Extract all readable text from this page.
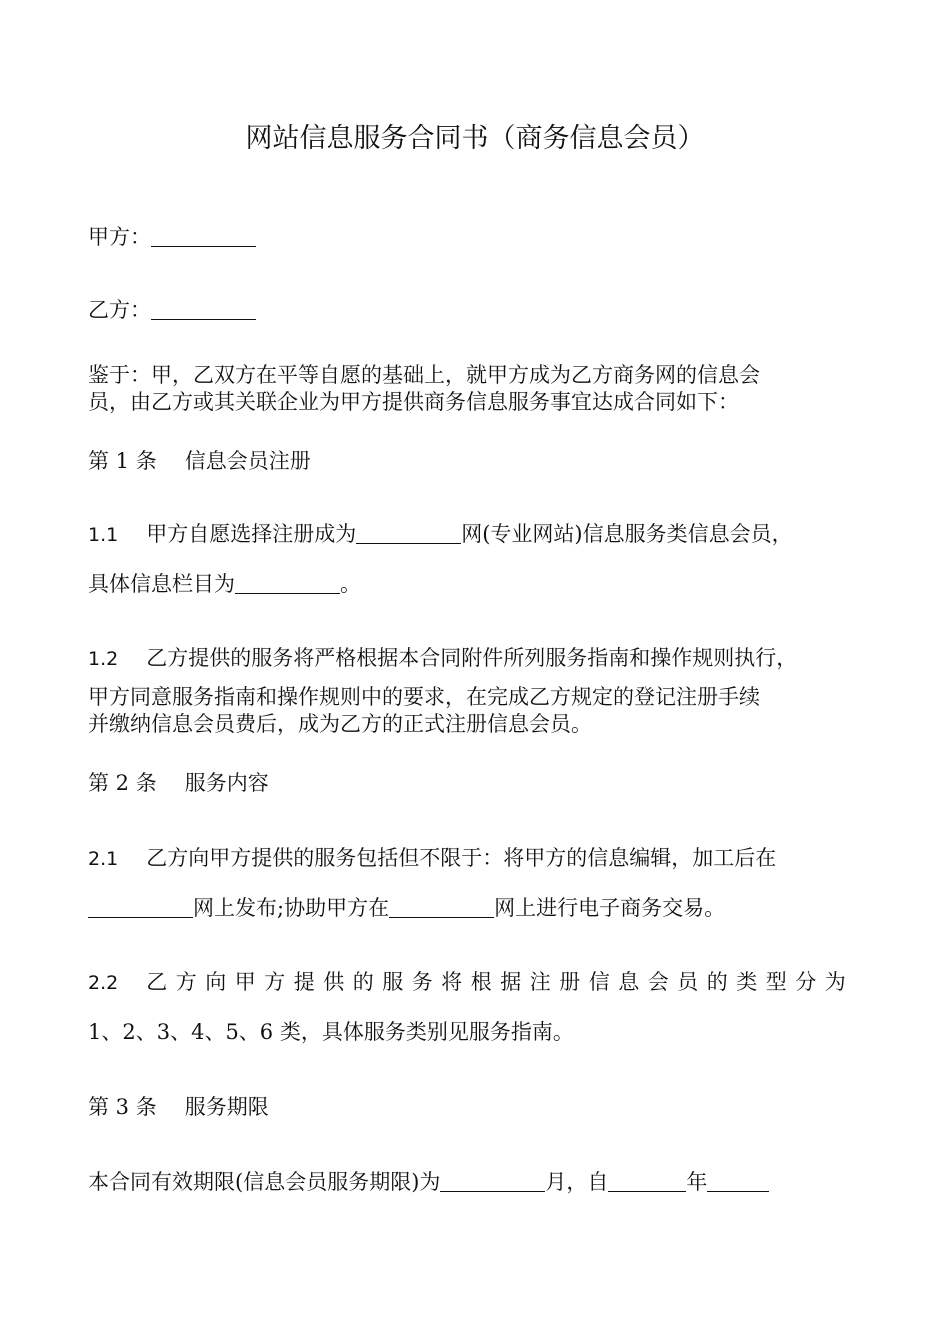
网站信息服务合同书（商务信息会员）
甲方：
乙方：
鉴于：甲，乙双方在平等自愿的基础上，就甲方成为乙方商务网的信息会
员，由乙方或其关联企业为甲方提供商务信息服务事宜达成合同如下：
第 1 条 信息会员注册
1.1 甲方自愿选择注册成为	网(专业网站)信息服务类信息会员，
具体信息栏目为	。
1.2 乙方提供的服务将严格根据本合同附件所列服务指南和操作规则执行，
甲方同意服务指南和操作规则中的要求，在完成乙方规定的登记注册手续
并缴纳信息会员费后，成为乙方的正式注册信息会员。
第 2 条 服务内容
2.1 乙方向甲方提供的服务包括但不限于：将甲方的信息编辑，加工后在
网上发布;协助甲方在	网上进行电子商务交易。
2.2 乙方向甲方提供的服务将根据注册信息会员的类型分为
1、2、3、4、5、6 类，具体服务类别见服务指南。
第 3 条 服务期限
本合同有效期限(信息会员服务期限)为	月，自	年
